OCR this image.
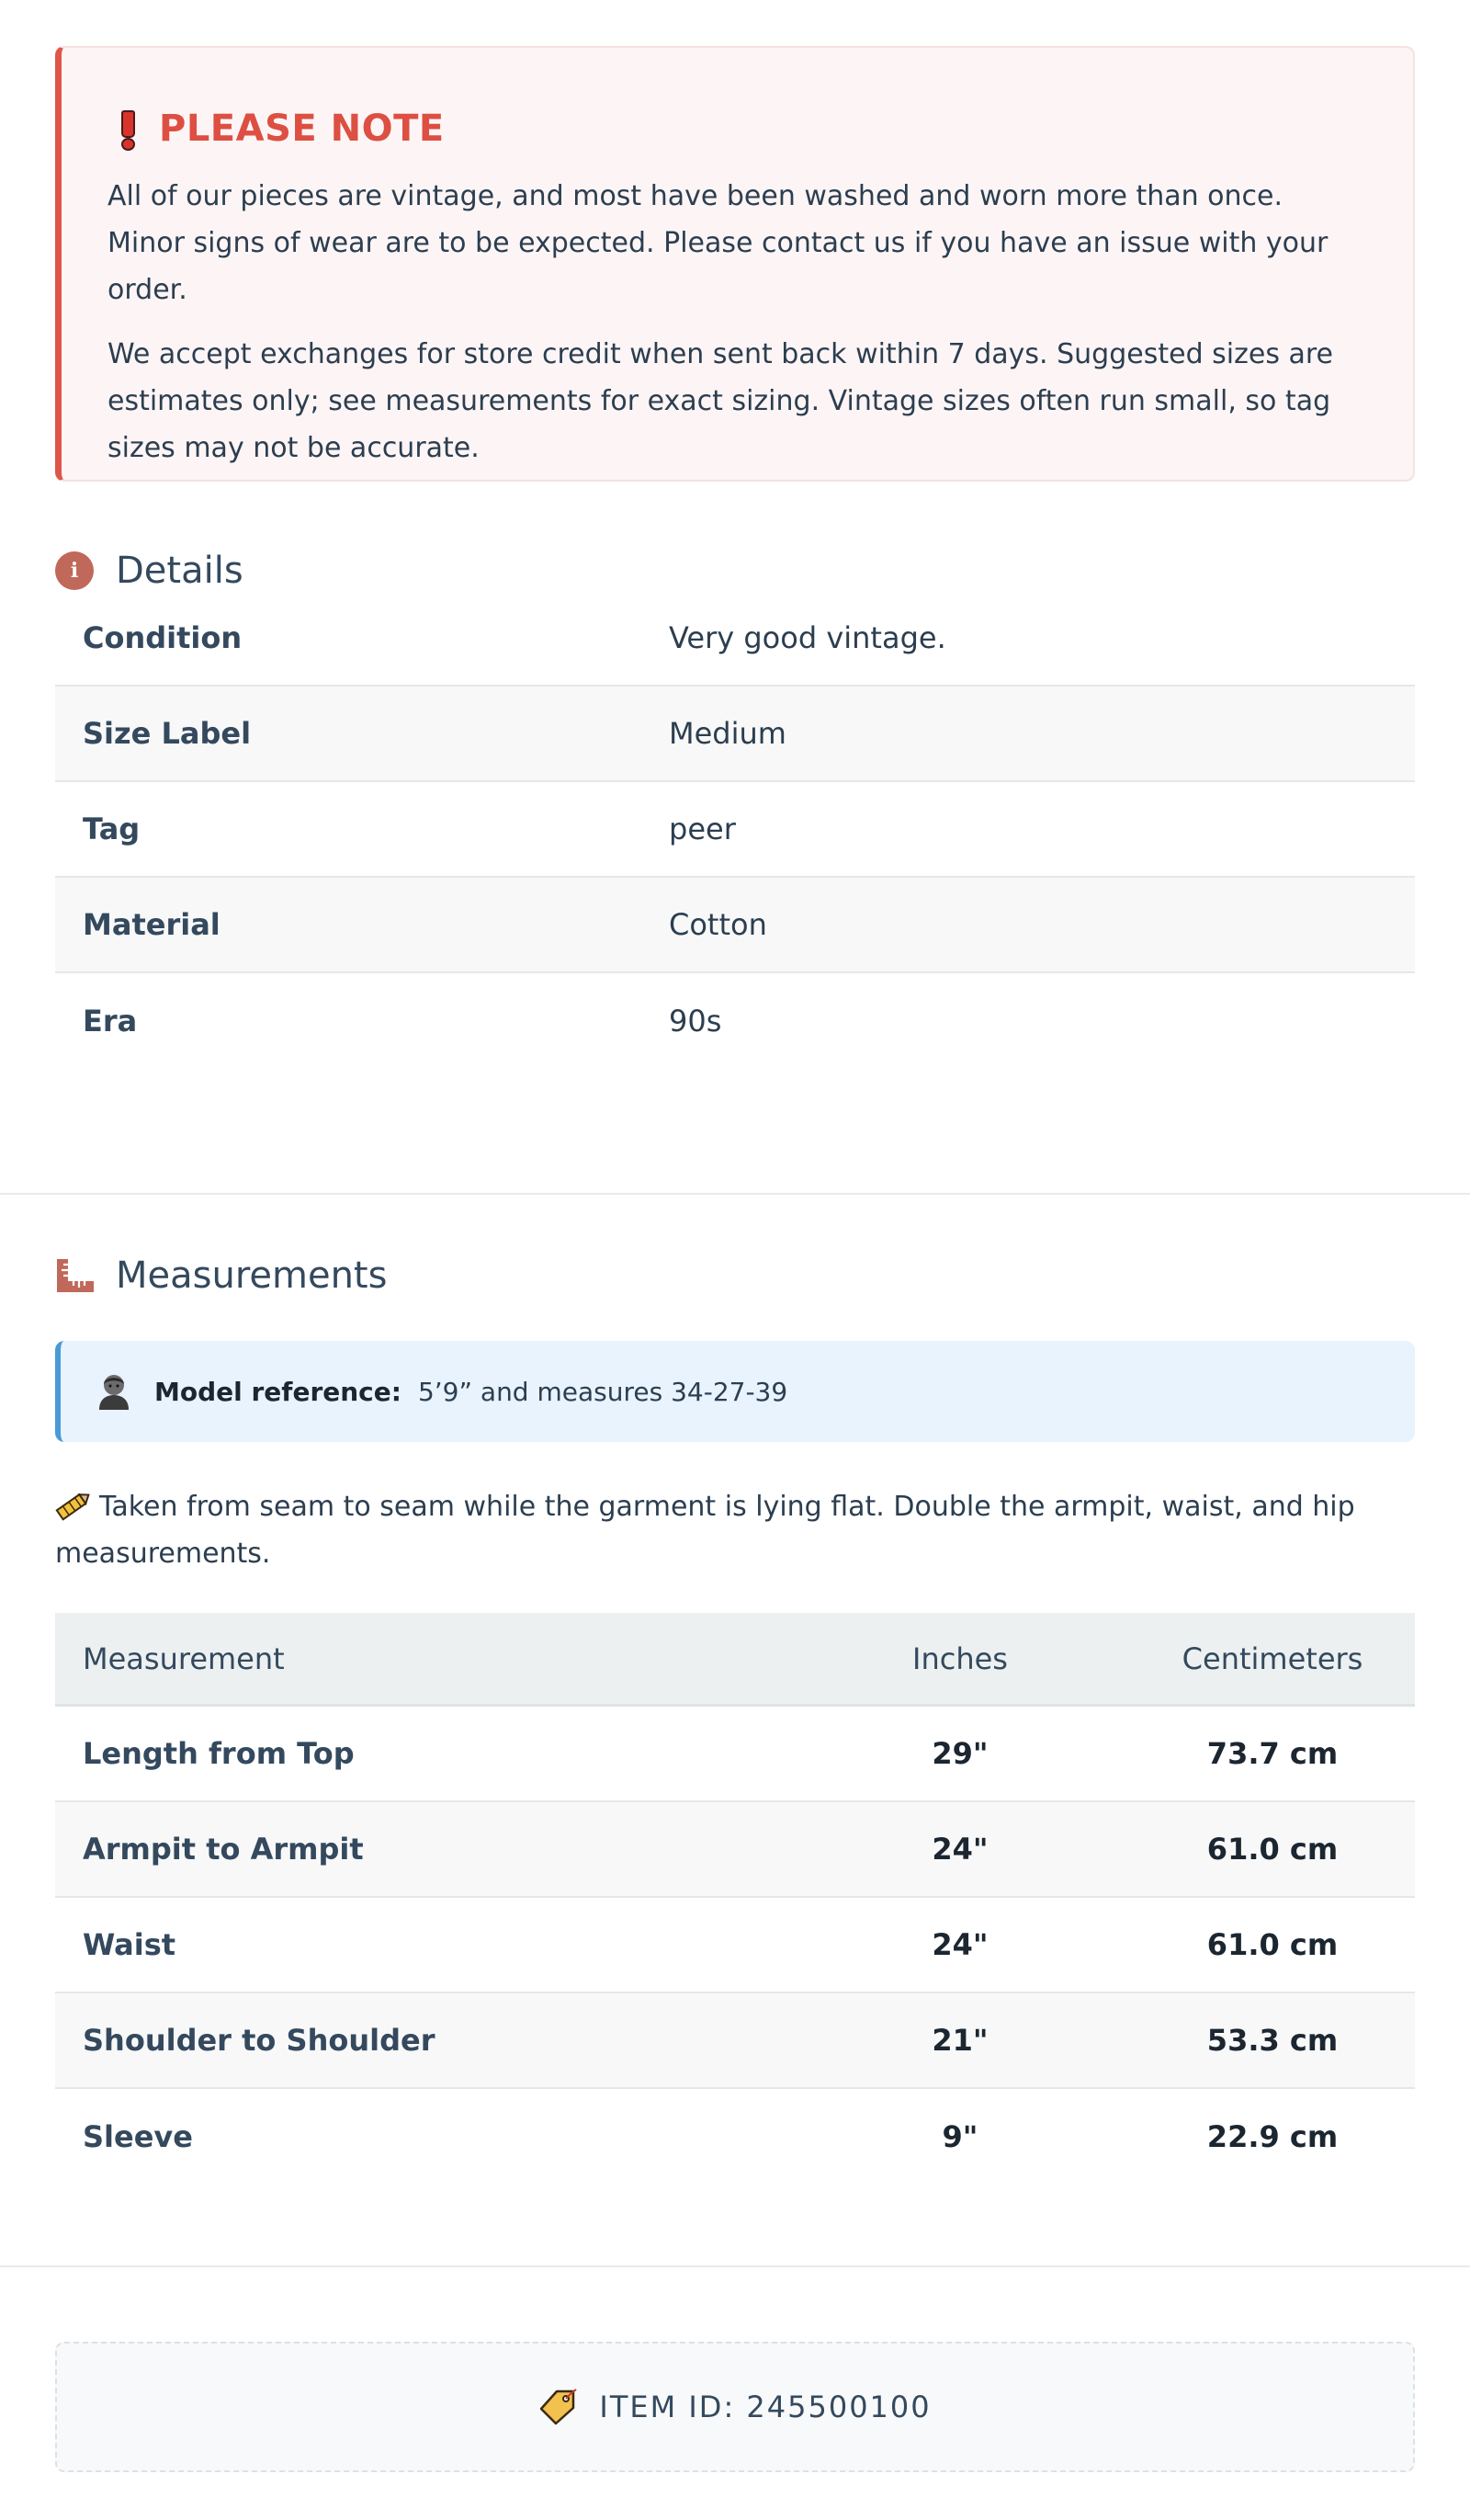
PLEASE NOTE

All of our pieces are vintage, and most have been washed and worn more than once. Minor signs of wear are to be expected. Please contact us if you have an issue with your order.

We accept exchanges for store credit when sent back within 7 days. Suggested sizes are estimates only; see measurements for exact sizing. Vintage sizes often run small, so tag sizes may not be accurate.

i	Details
Condition	Very good vintage.
Size Label	Medium
Tag	peer
Material	Cotton
Era	90s
Measurements
Model reference: 5’9” and measures 34-27-39
Taken from seam to seam while the garment is lying flat. Double the armpit, waist, and hip measurements.
Measurement	Inches	Centimeters
Length from Top	29"	73.7 cm
Armpit to Armpit	24"	61.0 cm
Waist	24"	61.0 cm
Shoulder to Shoulder	21"	53.3 cm
Sleeve	9"	22.9 cm
ITEM ID: 245500100
